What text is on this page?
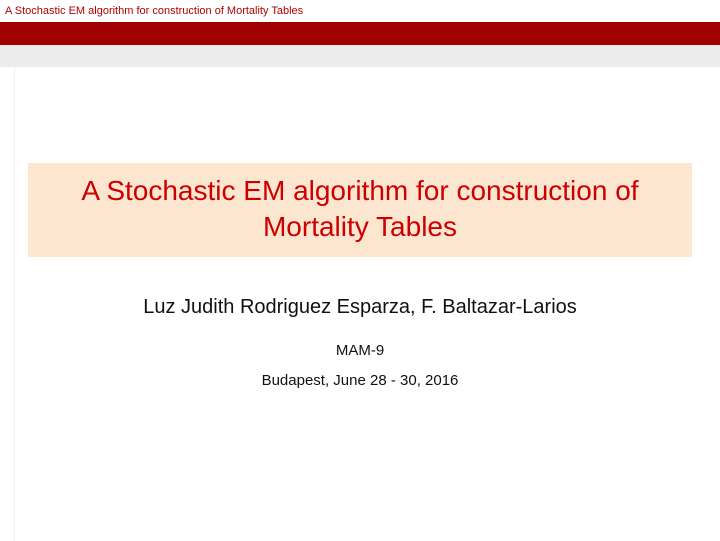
A Stochastic EM algorithm for construction of Mortality Tables
A Stochastic EM algorithm for construction of
Mortality Tables
Luz Judith Rodriguez Esparza, F. Baltazar-Larios
MAM-9
Budapest, June 28 - 30, 2016
